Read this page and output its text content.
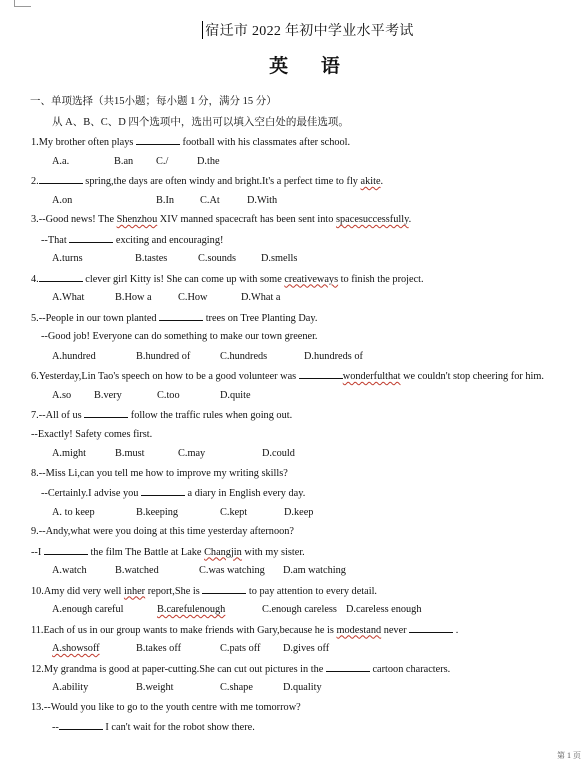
宿迁市 2022 年初中学业水平考试
英 语
一、单项选择（共15小题；每小题 1 分，满分 15 分）
从 A、B、C、D 四个选项中，选出可以填入空白处的最佳选项。
1.My brother often plays	football with his classmates after school.
A.a.	B.an	C./	D.the
2.	spring,the days are often windy and bright.It's a perfect time to fly akite.
A.on	B.In	C.At	D.With
3.--Good news! The Shenzhou XIV manned spacecraft has been sent into spacesuccessfully.
--That	exciting and encouraging!
A.turns	B.tastes	C.sounds	D.smells
4.	clever girl Kitty is! She can come up with some creativeways to finish the project.
A.What	B.How a	C.How	D.What a
5.--People in our town planted	trees on Tree Planting Day.
--Good job! Everyone can do something to make our town greener.
A.hundred	B.hundred of	C.hundreds	D.hundreds of
6.Yesterday,Lin Tao's speech on how to be a good volunteer was	wonderfulthat we couldn't stop cheering for him.
A.so	B.very	C.too	D.quite
7.--All of us	follow the traffic rules when going out.
--Exactly! Safety comes first.
A.might	B.must	C.may	D.could
8.--Miss Li,can you tell me how to improve my writing skills?
--Certainly.I advise you	a diary in English every day.
A. to keep	B.keeping	C.kept	D.keep
9.--Andy,what were you doing at this time yesterday afternoon?
--I	the film The Battle at Lake Changjin with my sister.
A.watch	B.watched	C.was watching	D.am watching
10.Amy did very well inher report,She is	to pay attention to every detail.
A.enough careful	B.carefulenough	C.enough careless D.careless enough
11.Each of us in our group wants to make friends with Gary,because he is modestand never	.
A.showsoff	B.takes off	C.pats off	D.gives off
12.My grandma is good at paper-cutting.She can cut out pictures in the	cartoon characters.
A.ability	B.weight	C.shape	D.quality
13.--Would you like to go to the youth centre with me tomorrow?
--	I can't wait for the robot show there.
第 1 页
